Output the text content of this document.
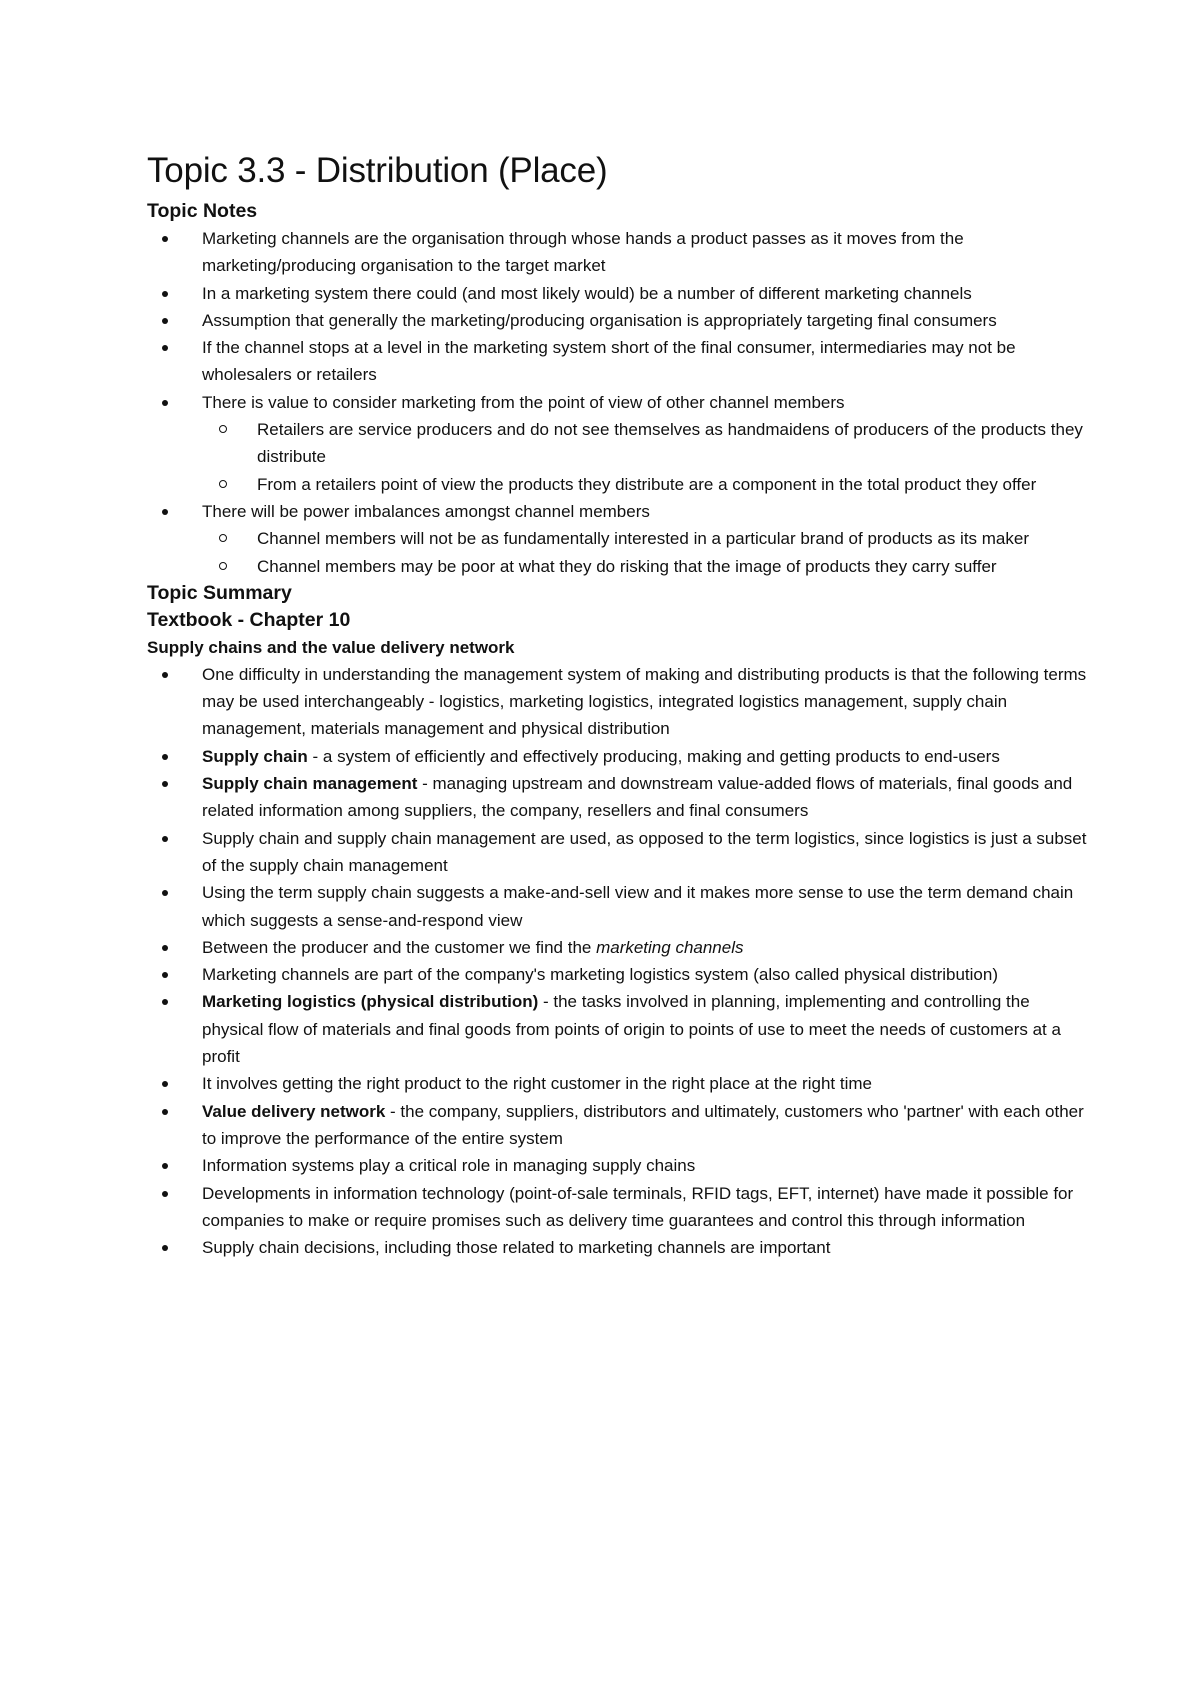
Topic 3.3 - Distribution (Place)
Topic Notes
Marketing channels are the organisation through whose hands a product passes as it moves from the marketing/producing organisation to the target market
In a marketing system there could (and most likely would) be a number of different marketing channels
Assumption that generally the marketing/producing organisation is appropriately targeting final consumers
If the channel stops at a level in the marketing system short of the final consumer, intermediaries may not be wholesalers or retailers
There is value to consider marketing from the point of view of other channel members
Retailers are service producers and do not see themselves as handmaidens of producers of the products they distribute
From a retailers point of view the products they distribute are a component in the total product they offer
There will be power imbalances amongst channel members
Channel members will not be as fundamentally interested in a particular brand of products as its maker
Channel members may be poor at what they do risking that the image of products they carry suffer
Topic Summary
Textbook - Chapter 10
Supply chains and the value delivery network
One difficulty in understanding the management system of making and distributing products is that the following terms may be used interchangeably - logistics, marketing logistics, integrated logistics management, supply chain management, materials management and physical distribution
Supply chain - a system of efficiently and effectively producing, making and getting products to end-users
Supply chain management - managing upstream and downstream value-added flows of materials, final goods and related information among suppliers, the company, resellers and final consumers
Supply chain and supply chain management are used, as opposed to the term logistics, since logistics is just a subset of the supply chain management
Using the term supply chain suggests a make-and-sell view and it makes more sense to use the term demand chain which suggests a sense-and-respond view
Between the producer and the customer we find the marketing channels
Marketing channels are part of the company's marketing logistics system (also called physical distribution)
Marketing logistics (physical distribution) - the tasks involved in planning, implementing and controlling the physical flow of materials and final goods from points of origin to points of use to meet the needs of customers at a profit
It involves getting the right product to the right customer in the right place at the right time
Value delivery network - the company, suppliers, distributors and ultimately, customers who 'partner' with each other to improve the performance of the entire system
Information systems play a critical role in managing supply chains
Developments in information technology (point-of-sale terminals, RFID tags, EFT, internet) have made it possible for companies to make or require promises such as delivery time guarantees and control this through information
Supply chain decisions, including those related to marketing channels are important
